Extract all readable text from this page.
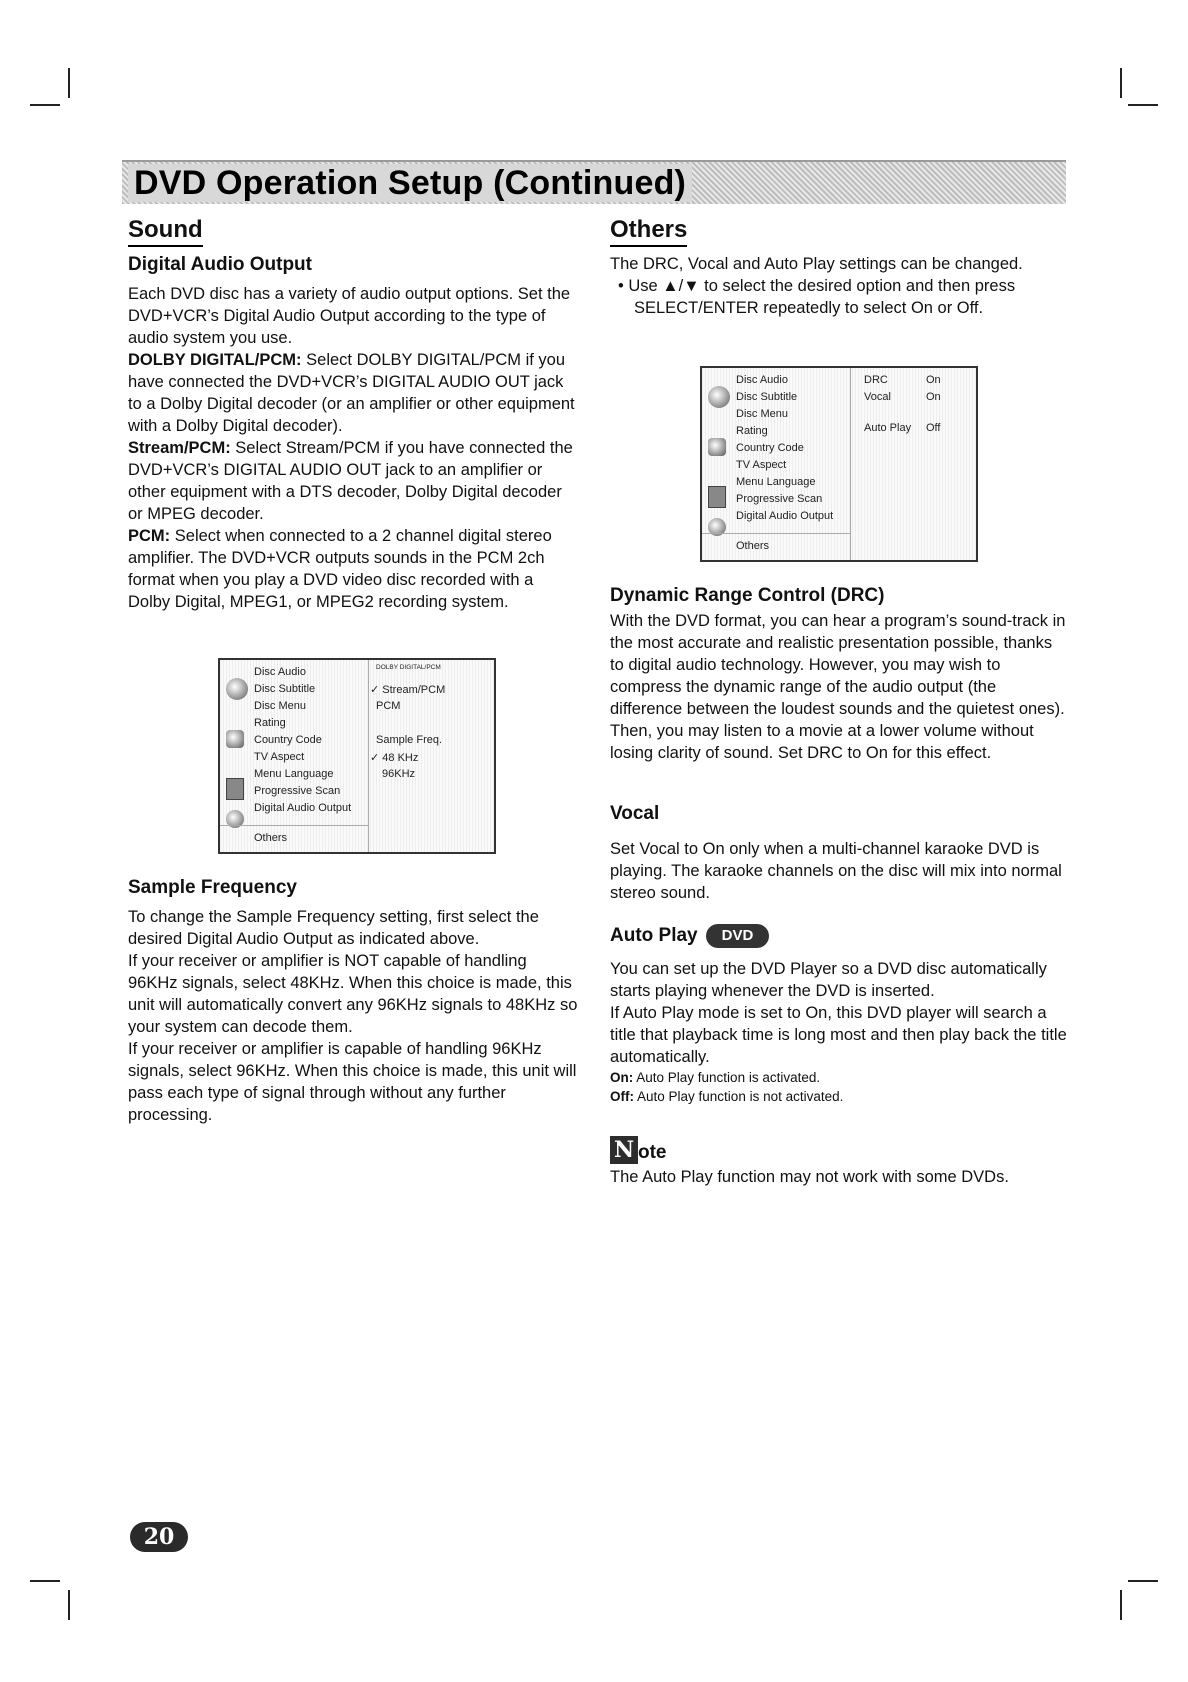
DVD Operation Setup (Continued)
Sound
Digital Audio Output

Each DVD disc has a variety of audio output options. Set the DVD+VCR’s Digital Audio Output according to the type of audio system you use.

DOLBY DIGITAL/PCM: Select DOLBY DIGITAL/PCM if you have connected the DVD+VCR’s DIGITAL AUDIO OUT jack to a Dolby Digital decoder (or an amplifier or other equipment with a Dolby Digital decoder).

Stream/PCM: Select Stream/PCM if you have connected the DVD+VCR’s DIGITAL AUDIO OUT jack to an amplifier or other equipment with a DTS decoder, Dolby Digital decoder or MPEG decoder.

PCM: Select when connected to a 2 channel digital stereo amplifier. The DVD+VCR outputs sounds in the PCM 2ch format when you play a DVD video disc recorded with a Dolby Digital, MPEG1, or MPEG2 recording system.

Disc Audio
Disc Subtitle
Disc Menu
Rating
Country Code
TV Aspect
Menu Language
Progressive Scan
Digital Audio Output
Others
DOLBY DIGITAL/PCM
✓ Stream/PCM
PCM
Sample Freq.
✓ 48 KHz
96KHz
Sample Frequency

To change the Sample Frequency setting, first select the desired Digital Audio Output as indicated above.

If your receiver or amplifier is NOT capable of handling 96KHz signals, select 48KHz. When this choice is made, this unit will automatically convert any 96KHz signals to 48KHz so your system can decode them.

If your receiver or amplifier is capable of handling 96KHz signals, select 96KHz. When this choice is made, this unit will pass each type of signal through without any further processing.

Others

The DRC, Vocal and Auto Play settings can be changed.

• Use ▲/▼ to select the desired option and then press SELECT/ENTER repeatedly to select On or Off.

Disc Audio
Disc Subtitle
Disc Menu
Rating
Country Code
TV Aspect
Menu Language
Progressive Scan
Digital Audio Output
Others
DRC	On
Vocal	On
Auto Play Off
Dynamic Range Control (DRC)

With the DVD format, you can hear a program’s sound-track in the most accurate and realistic presentation possible, thanks to digital audio technology. However, you may wish to compress the dynamic range of the audio output (the difference between the loudest sounds and the quietest ones). Then, you may listen to a movie at a lower volume without losing clarity of sound. Set DRC to On for this effect.

Vocal

Set Vocal to On only when a multi-channel karaoke DVD is playing. The karaoke channels on the disc will mix into normal stereo sound.

Auto Play DVD

You can set up the DVD Player so a DVD disc automatically starts playing whenever the DVD is inserted.

If Auto Play mode is set to On, this DVD player will search a title that playback time is long most and then play back the title automatically.

On: Auto Play function is activated.

Off: Auto Play function is not activated.

N ote

The Auto Play function may not work with some DVDs.

20
